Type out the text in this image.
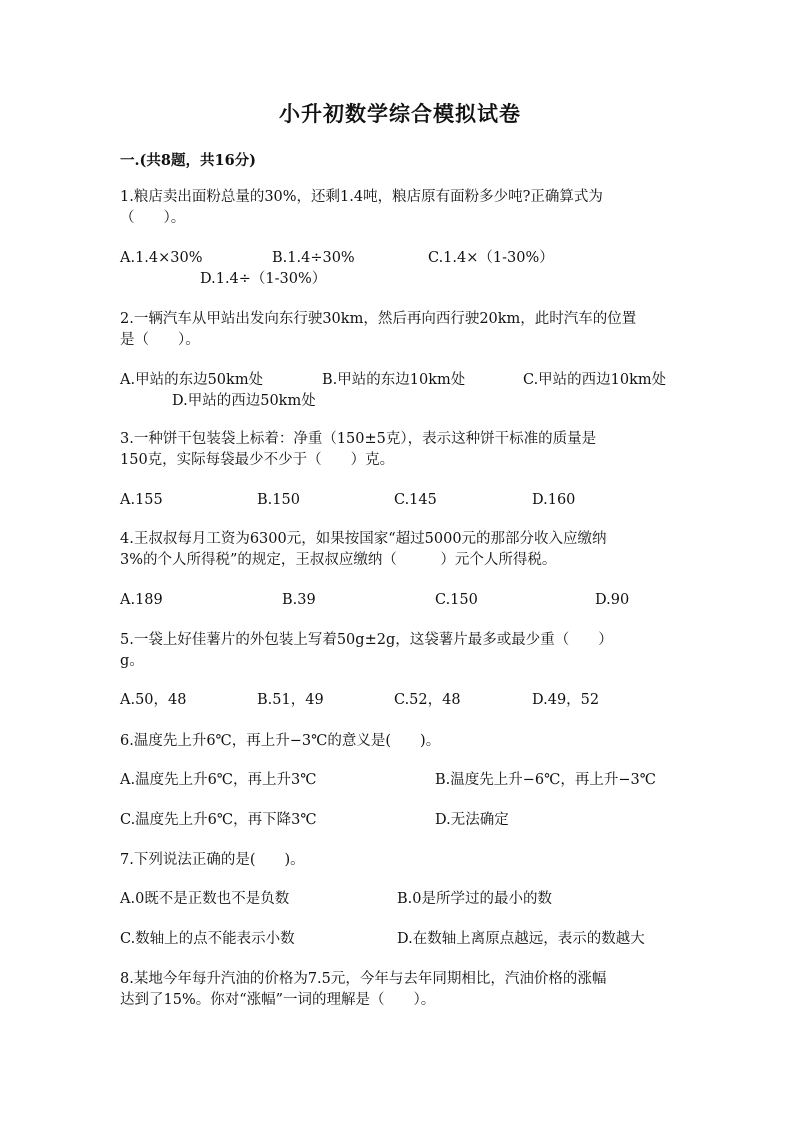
小升初数学综合模拟试卷
一.(共8题，共16分)
1.粮店卖出面粉总量的30%，还剩1.4吨，粮店原有面粉多少吨?正确算式为
（　　）。
A.1.4×30%	B.1.4÷30%	C.1.4×（1-30%）
D.1.4÷（1-30%）
2.一辆汽车从甲站出发向东行驶30km，然后再向西行驶20km，此时汽车的位置
是（　　）。
A.甲站的东边50km处	B.甲站的东边10km处	C.甲站的西边10km处
D.甲站的西边50km处
3.一种饼干包装袋上标着：净重（150±5克），表示这种饼干标准的质量是
150克，实际每袋最少不少于（　　）克。
A.155	B.150	C.145	D.160
4.王叔叔每月工资为6300元，如果按国家“超过5000元的那部分收入应缴纳
3%的个人所得税”的规定，王叔叔应缴纳（　　　）元个人所得税。
A.189	B.39	C.150	D.90
5.一袋上好佳薯片的外包装上写着50g±2g，这袋薯片最多或最少重（　　）
g。
A.50，48	B.51，49	C.52，48	D.49，52
6.温度先上升6℃，再上升−3℃的意义是(　　)。
A.温度先上升6℃，再上升3℃	B.温度先上升−6℃，再上升−3℃
C.温度先上升6℃，再下降3℃	D.无法确定
7.下列说法正确的是(　　)。
A.0既不是正数也不是负数	B.0是所学过的最小的数
C.数轴上的点不能表示小数	D.在数轴上离原点越远，表示的数越大
8.某地今年每升汽油的价格为7.5元，今年与去年同期相比，汽油价格的涨幅
达到了15%。你对“涨幅”一词的理解是（　　）。
